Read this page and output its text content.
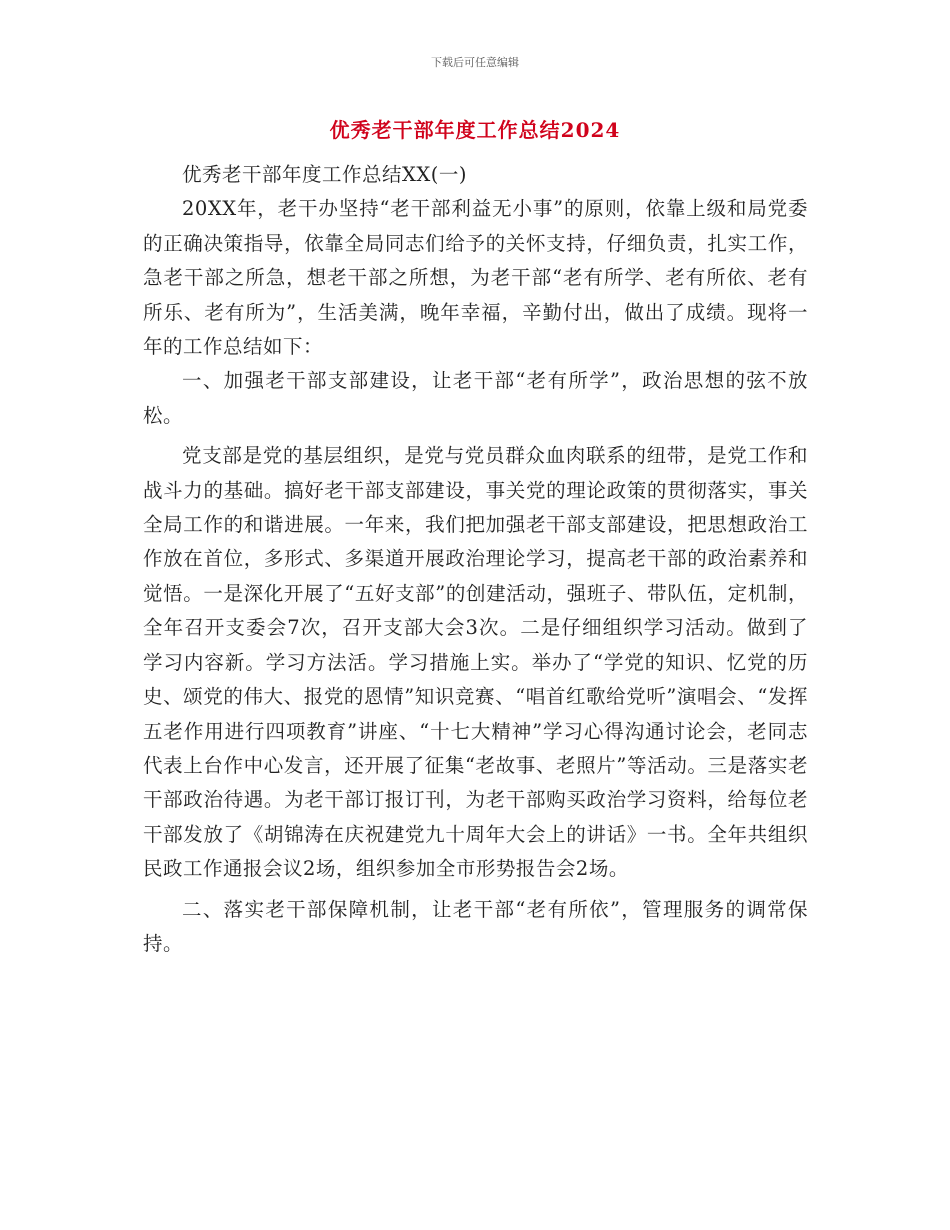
下载后可任意编辑
优秀老干部年度工作总结2024

优秀老干部年度工作总结XX(一)

20XX年，老干办坚持“老干部利益无小事”的原则，依靠上级和局党委的正确决策指导，依靠全局同志们给予的关怀支持，仔细负责，扎实工作，急老干部之所急，想老干部之所想，为老干部“老有所学、老有所依、老有所乐、老有所为”，生活美满，晚年幸福，辛勤付出，做出了成绩。现将一年的工作总结如下：

一、加强老干部支部建设，让老干部“老有所学”，政治思想的弦不放松。

党支部是党的基层组织，是党与党员群众血肉联系的纽带，是党工作和战斗力的基础。搞好老干部支部建设，事关党的理论政策的贯彻落实，事关全局工作的和谐进展。一年来，我们把加强老干部支部建设，把思想政治工作放在首位，多形式、多渠道开展政治理论学习，提高老干部的政治素养和觉悟。一是深化开展了“五好支部”的创建活动，强班子、带队伍，定机制，全年召开支委会7次，召开支部大会3次。二是仔细组织学习活动。做到了学习内容新。学习方法活。学习措施上实。举办了“学党的知识、忆党的历史、颂党的伟大、报党的恩情”知识竞赛、“唱首红歌给党听”演唱会、“发挥五老作用进行四项教育”讲座、“十七大精神”学习心得沟通讨论会，老同志代表上台作中心发言，还开展了征集“老故事、老照片”等活动。三是落实老干部政治待遇。为老干部订报订刊，为老干部购买政治学习资料，给每位老干部发放了《胡锦涛在庆祝建党九十周年大会上的讲话》一书。全年共组织民政工作通报会议2场，组织参加全市形势报告会2场。

二、落实老干部保障机制，让老干部“老有所依”，管理服务的调常保持。
